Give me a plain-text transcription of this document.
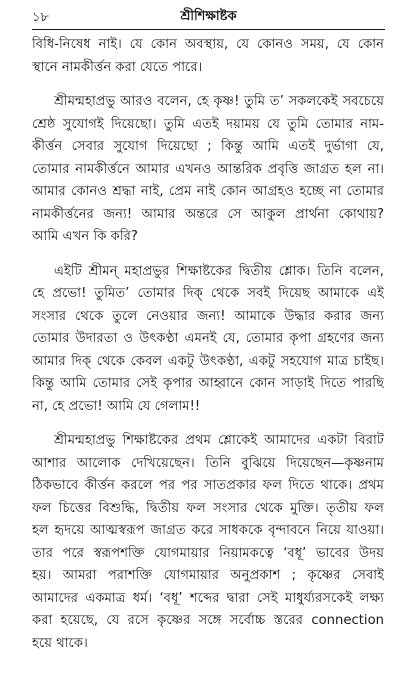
১৮	শ্রীশিক্ষাষ্টক
বিধি-নিষেধ নাই। যে কোন অবস্থায়, যে কোনও সময়, যে কোন
স্থানে নামকীর্ত্তন করা যেতে পারে।
শ্রীমন্মহাপ্রভু আরও বলেন, হে কৃষ্ণ! তুমি ত’ সকলকেই সবচেয়ে
শ্রেষ্ঠ সুযোগই দিয়েছো। তুমি এতই দয়াময় যে তুমি তোমার নাম-
কীর্ত্তন সেবার সুযোগ দিয়েছো ; কিন্তু আমি এতই দুর্ভাগা যে,
তোমার নামকীর্ত্তনে আমার এখনও আন্তরিক প্রবৃত্তি জাগ্রত হল না।
আমার কোনও শ্রদ্ধা নাই, প্রেম নাই কোন আগ্রহও হচ্ছে না তোমার
নামকীর্ত্তনের জন্য! আমার অন্তরে সে আকুল প্রার্থনা কোথায়?
আমি এখন কি করি?
এইটি শ্রীমন্‌ মহাপ্রভুর শিক্ষাষ্টকের দ্বিতীয় শ্লোক। তিনি বলেন,
হে প্রভো! তুমিত’ তোমার দিক্‌ থেকে সবই দিয়েছ আমাকে এই
সংসার থেকে তুলে নেওয়ার জন্য! আমাকে উদ্ধার করার জন্য
তোমার উদারতা ও উৎকণ্ঠা এমনই যে, তোমার কৃপা গ্রহণের জন্য
আমার দিক্‌ থেকে কেবল একটু উৎকণ্ঠা, একটু সহযোগ মাত্র চাইছ।
কিন্তু আমি তোমার সেই কৃপার আহ্বানে কোন সাড়াই দিতে পারছি
না, হে প্রভো! আমি যে গেলাম!!
শ্রীমন্মহাপ্রভু শিক্ষাষ্টকের প্রথম শ্লোকেই আমাদের একটা বিরাট
আশার আলোক দেখিয়েছেন। তিনি বুঝিয়ে দিয়েছেন—কৃষ্ণনাম
ঠিকভাবে কীর্ত্তন করলে পর পর সাতপ্রকার ফল দিতে থাকে। প্রথম
ফল চিত্তের বিশুদ্ধি, দ্বিতীয় ফল সংসার থেকে মুক্তি। তৃতীয় ফল
হল হৃদয়ে আত্মস্বরূপ জাগ্রত করে সাধককে বৃন্দাবনে নিয়ে যাওয়া।
তার পরে স্বরূপশক্তি যোগমায়ার নিয়ামকত্বে ‘বধূ’ ভাবের উদয়
হয়। আমরা পরাশক্তি যোগমায়ার অনুপ্রকাশ ; কৃষ্ণের সেবাই
আমাদের একমাত্র ধর্ম। ‘বধূ’ শব্দের দ্বারা সেই মাধুর্য্যরসকেই লক্ষ্য
করা হয়েছে, যে রসে কৃষ্ণের সঙ্গে সর্বোচ্চ স্তরের connection
হয়ে থাকে।
